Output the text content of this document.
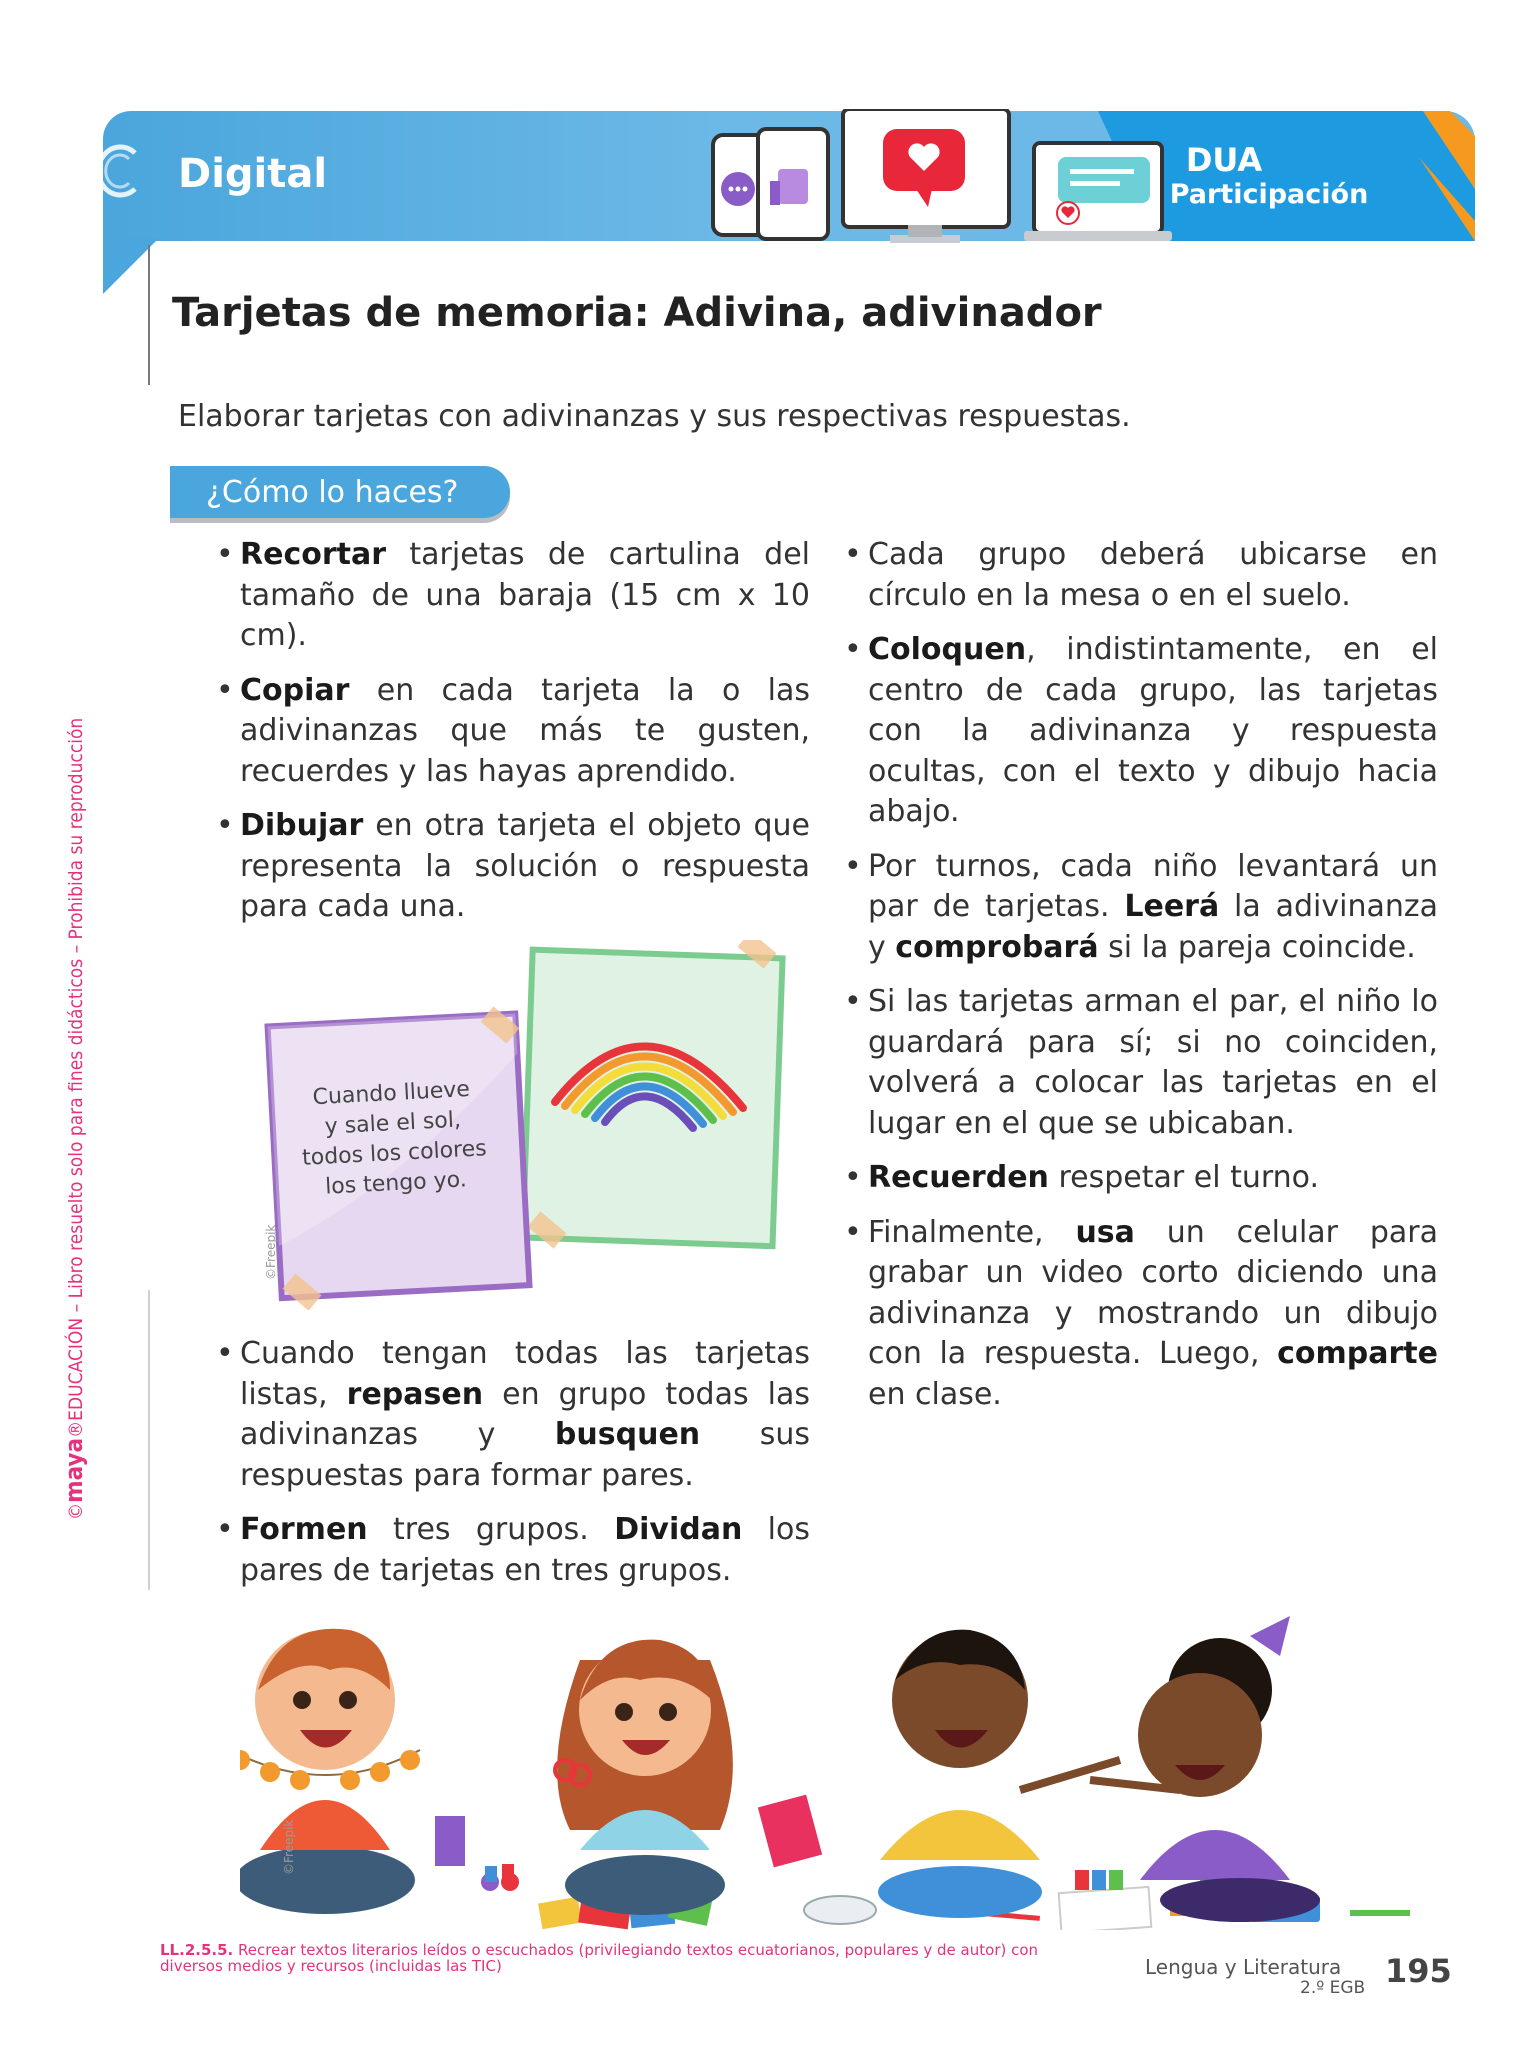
Digital	DUA
Participación
Tarjetas de memoria: Adivina, adivinador
Elaborar tarjetas con adivinanzas y sus respectivas respuestas.
¿Cómo lo haces?
• Recortar tarjetas de cartulina del tamaño de una baraja (15 cm x 10 cm).
• Copiar en cada tarjeta la o las adivinanzas que más te gusten, recuerdes y las hayas aprendido.
• Dibujar en otra tarjeta el objeto que representa la solución o respuesta para cada una.
Cuando llueve
y sale el sol,
todos los colores
los tengo yo.
©Freepik
• Cuando tengan todas las tarjetas listas, repasen en grupo todas las adivinanzas y busquen sus respuestas para formar pares.
• Formen tres grupos. Dividan los pares de tarjetas en tres grupos.
• Cada grupo deberá ubicarse en círculo en la mesa o en el suelo.
• Coloquen, indistintamente, en el centro de cada grupo, las tarjetas con la adivinanza y respuesta ocultas, con el texto y dibujo hacia abajo.
• Por turnos, cada niño levantará un par de tarjetas. Leerá la adivinanza y comprobará si la pareja coincide.
• Si las tarjetas arman el par, el niño lo guardará para sí; si no coinciden, volverá a colocar las tarjetas en el lugar en el que se ubicaban.
• Recuerden respetar el turno.
• Finalmente, usa un celular para grabar un video corto diciendo una adivinanza y mostrando un dibujo con la respuesta. Luego, comparte en clase.
©maya®EDUCACIÓN – Libro resuelto solo para fines didácticos – Prohibida su reproducción
©Freepik
LL.2.5.5. Recrear textos literarios leídos o escuchados (privilegiando textos ecuatorianos, populares y de autor) con diversos medios y recursos (incluidas las TIC)	Lengua y Literatura
2.º EGB 195
